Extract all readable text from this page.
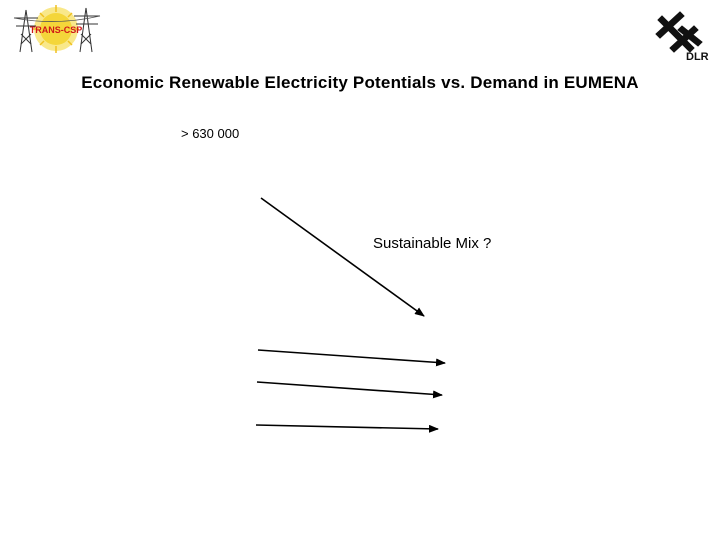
TRANS-CSP
DLR
Economic Renewable Electricity Potentials vs. Demand in EUMENA
> 630 000
Sustainable Mix ?
